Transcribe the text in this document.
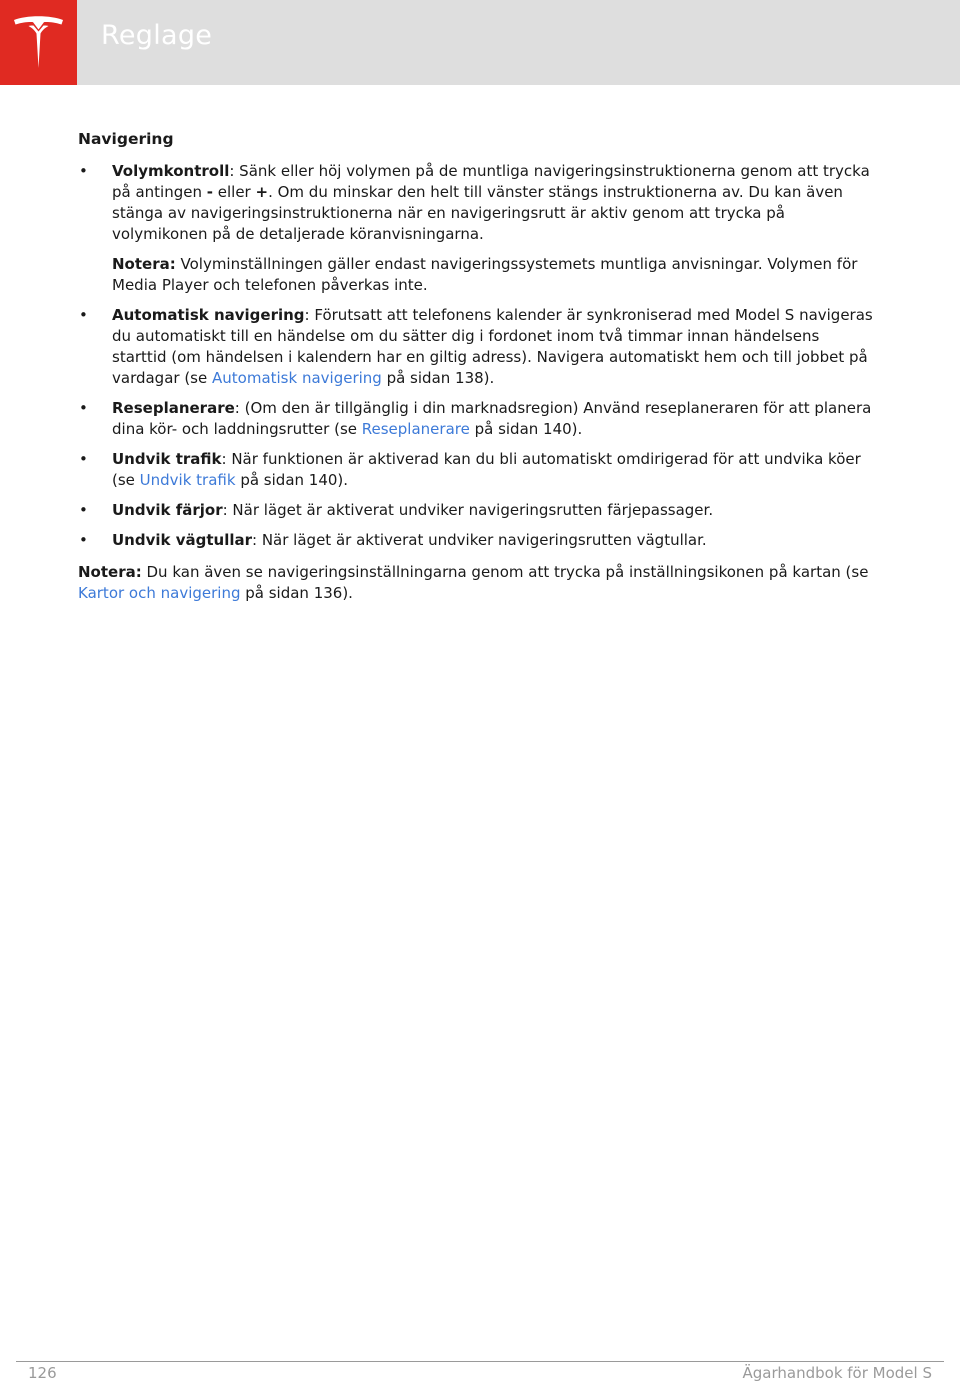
Reglage
Navigering
• Volymkontroll: Sänk eller höj volymen på de muntliga navigeringsinstruktionerna genom att trycka på antingen - eller +. Om du minskar den helt till vänster stängs instruktionerna av. Du kan även stänga av navigeringsinstruktionerna när en navigeringsrutt är aktiv genom att trycka på volymikonen på de detaljerade köranvisningarna.
Notera: Volyminställningen gäller endast navigeringssystemets muntliga anvisningar. Volymen för Media Player och telefonen påverkas inte.
• Automatisk navigering: Förutsatt att telefonens kalender är synkroniserad med Model S navigeras du automatiskt till en händelse om du sätter dig i fordonet inom två timmar innan händelsens starttid (om händelsen i kalendern har en giltig adress). Navigera automatiskt hem och till jobbet på vardagar (se Automatisk navigering på sidan 138).
• Reseplanerare: (Om den är tillgänglig i din marknadsregion) Använd reseplaneraren för att planera dina kör- och laddningsrutter (se Reseplanerare på sidan 140).
• Undvik trafik: När funktionen är aktiverad kan du bli automatiskt omdirigerad för att undvika köer (se Undvik trafik på sidan 140).
• Undvik färjor: När läget är aktiverat undviker navigeringsrutten färjepassager.
• Undvik vägtullar: När läget är aktiverat undviker navigeringsrutten vägtullar.
Notera: Du kan även se navigeringsinställningarna genom att trycka på inställningsikonen på kartan (se Kartor och navigering på sidan 136).
126	Ägarhandbok för Model S
